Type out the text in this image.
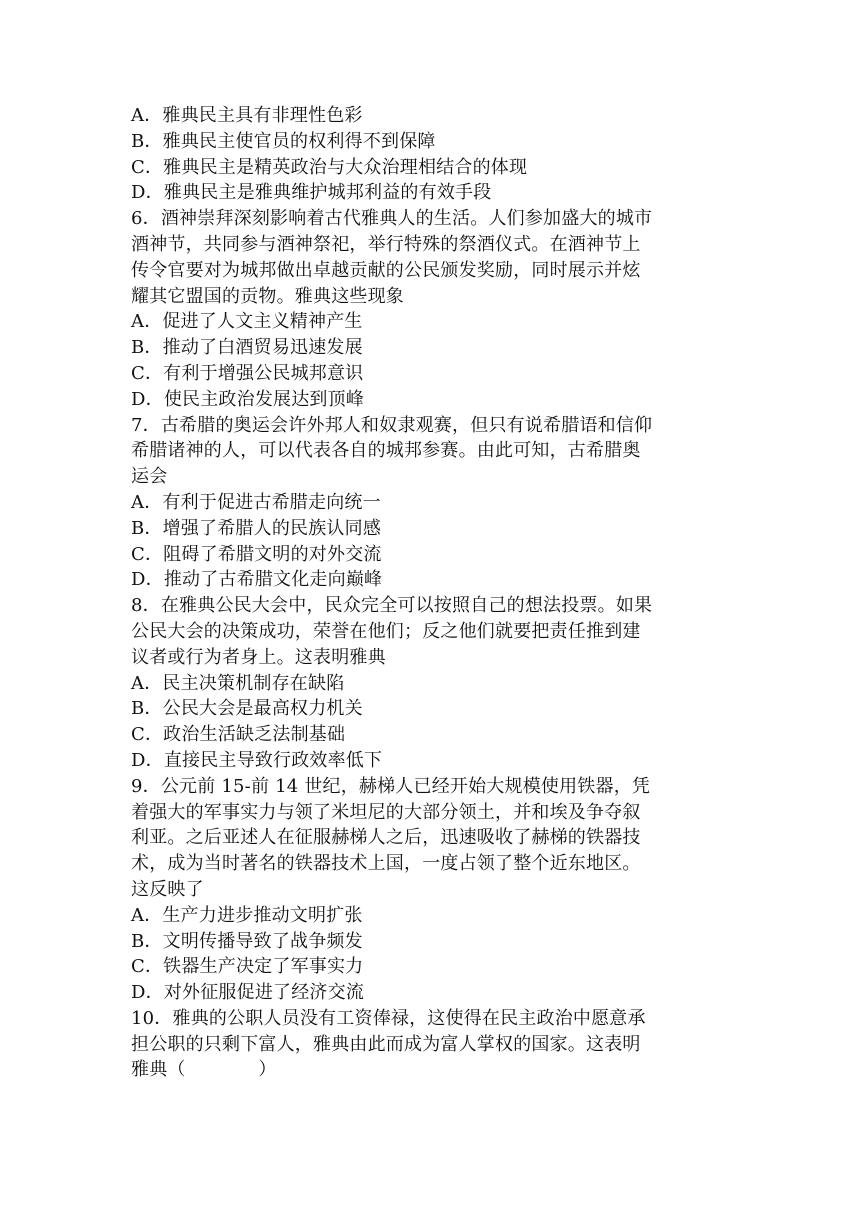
A．雅典民主具有非理性色彩
B．雅典民主使官员的权利得不到保障
C．雅典民主是精英政治与大众治理相结合的体现
D．雅典民主是雅典维护城邦利益的有效手段
6．酒神崇拜深刻影响着古代雅典人的生活。人们参加盛大的城市
酒神节，共同参与酒神祭祀，举行特殊的祭酒仪式。在酒神节上
传令官要对为城邦做出卓越贡献的公民颁发奖励，同时展示并炫
耀其它盟国的贡物。雅典这些现象
A．促进了人文主义精神产生
B．推动了白酒贸易迅速发展
C．有利于增强公民城邦意识
D．使民主政治发展达到顶峰
7．古希腊的奥运会许外邦人和奴隶观赛，但只有说希腊语和信仰
希腊诸神的人，可以代表各自的城邦参赛。由此可知，古希腊奥
运会
A．有利于促进古希腊走向统一
B．增强了希腊人的民族认同感
C．阻碍了希腊文明的对外交流
D．推动了古希腊文化走向巅峰
8．在雅典公民大会中，民众完全可以按照自己的想法投票。如果
公民大会的决策成功，荣誉在他们；反之他们就要把责任推到建
议者或行为者身上。这表明雅典
A．民主决策机制存在缺陷
B．公民大会是最高权力机关
C．政治生活缺乏法制基础
D．直接民主导致行政效率低下
9．公元前 15-前 14 世纪，赫梯人已经开始大规模使用铁器，凭
着强大的军事实力与领了米坦尼的大部分领土，并和埃及争夺叙
利亚。之后亚述人在征服赫梯人之后，迅速吸收了赫梯的铁器技
术，成为当时著名的铁器技术上国，一度占领了整个近东地区。
这反映了
A．生产力进步推动文明扩张
B．文明传播导致了战争频发
C．铁器生产决定了军事实力
D．对外征服促进了经济交流
10．雅典的公职人员没有工资俸禄，这使得在民主政治中愿意承
担公职的只剩下富人，雅典由此而成为富人掌权的国家。这表明
雅典（　　　　）
